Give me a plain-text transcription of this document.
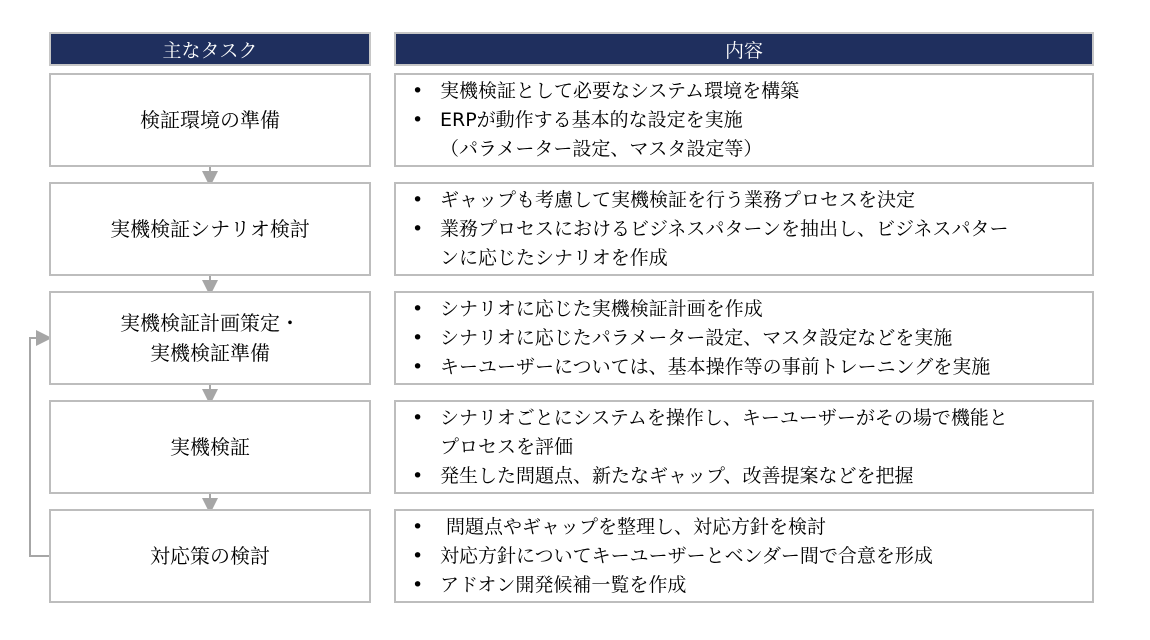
主なタスク	内容
検証環境の準備
• 実機検証として必要なシステム環境を構築
• ERPが動作する基本的な設定を実施
（パラメーター設定、マスタ設定等）
実機検証シナリオ検討
• ギャップも考慮して実機検証を行う業務プロセスを決定
• 業務プロセスにおけるビジネスパターンを抽出し、ビジネスパター
ンに応じたシナリオを作成
実機検証計画策定・
実機検証準備
• シナリオに応じた実機検証計画を作成
• シナリオに応じたパラメーター設定、マスタ設定などを実施
• キーユーザーについては、基本操作等の事前トレーニングを実施
実機検証
• シナリオごとにシステムを操作し、キーユーザーがその場で機能と
プロセスを評価
• 発生した問題点、新たなギャップ、改善提案などを把握
対応策の検討
• 問題点やギャップを整理し、対応方針を検討
• 対応方針についてキーユーザーとベンダー間で合意を形成
• アドオン開発候補一覧を作成
